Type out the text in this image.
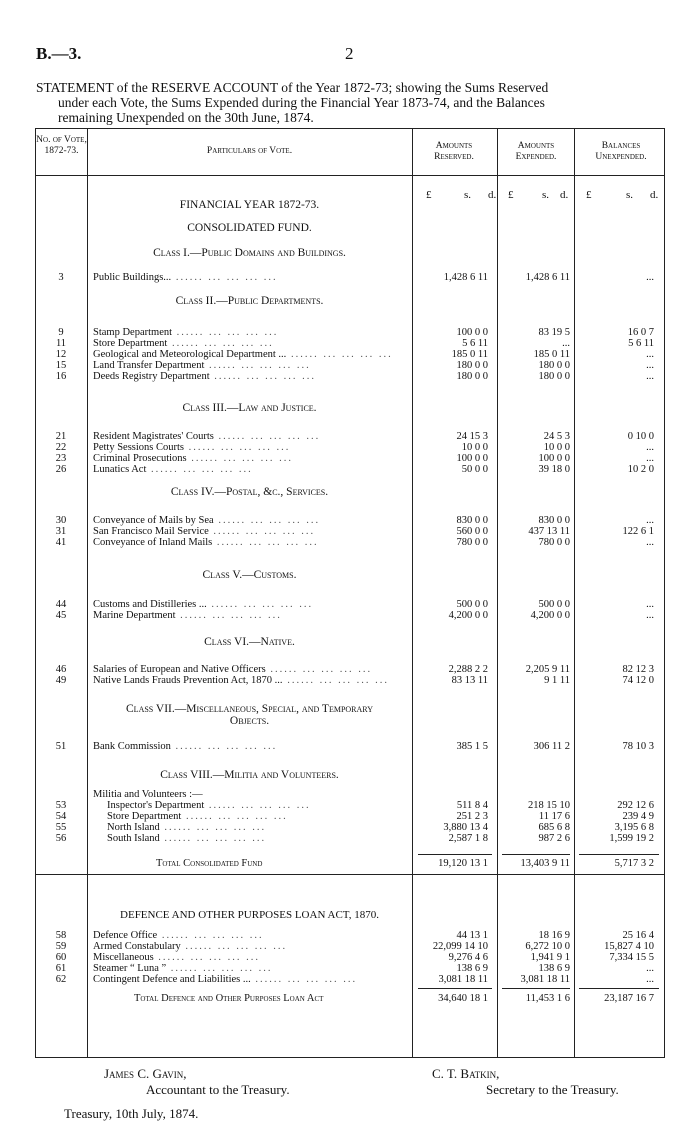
B.—3.	2
STATEMENT of the RESERVE ACCOUNT of the Year 1872-73; showing the Sums Reserved
under each Vote, the Sums Expended during the Financial Year 1873-74, and the Balances
remaining Unexpended on the 30th June, 1874.
No. of Vote, 1872-73.	Particulars of Vote.	Amounts Reserved.
Amounts Expended.
Balances Unexpended.
£	s. d. £	s. d. £	s. d.
FINANCIAL YEAR 1872-73.
CONSOLIDATED FUND.
Class I.—Public Domains and Buildings.
3	Public Buildings... ...... ... ... ... ...	1,428 6 11	1,428 6 11	...
Class II.—Public Departments.
9	Stamp Department ...... ... ... ... ...	100 0 0	83 19 5	16 0 7
11	Store Department ...... ... ... ... ...	5 6 11	...	5 6 11
12	Geological and Meteorological Department ... ...... ... ... ... ...	185 0 11	185 0 11	...
15	Land Transfer Department ...... ... ... ... ...	180 0 0	180 0 0	...
16	Deeds Registry Department ...... ... ... ... ...	180 0 0	180 0 0	...
Class III.—Law and Justice.
21	Resident Magistrates' Courts ...... ... ... ... ...	24 15 3	24 5 3	0 10 0
22	Petty Sessions Courts ...... ... ... ... ...	10 0 0	10 0 0	...
23	Criminal Prosecutions ...... ... ... ... ...	100 0 0	100 0 0	...
26	Lunatics Act ...... ... ... ... ...	50 0 0	39 18 0	10 2 0
Class IV.—Postal, &c., Services.
30	Conveyance of Mails by Sea ...... ... ... ... ...	830 0 0	830 0 0	...
31	San Francisco Mail Service ...... ... ... ... ...	560 0 0	437 13 11	122 6 1
41	Conveyance of Inland Mails ...... ... ... ... ...	780 0 0	780 0 0	...
Class V.—Customs.
44	Customs and Distilleries ... ...... ... ... ... ...	500 0 0	500 0 0	...
45	Marine Department ...... ... ... ... ...	4,200 0 0	4,200 0 0	...
Class VI.—Native.
46	Salaries of European and Native Officers ...... ... ... ... ...	2,288 2 2	2,205 9 11	82 12 3
49	Native Lands Frauds Prevention Act, 1870 ... ...... ... ... ... ...	83 13 11	9 1 11	74 12 0
Class VII.—Miscellaneous, Special, and Temporary
Objects.
51	Bank Commission ...... ... ... ... ...	385 1 5	306 11 2	78 10 3
Class VIII.—Militia and Volunteers.
Militia and Volunteers :—
53	Inspector's Department ...... ... ... ... ...	511 8 4	218 15 10	292 12 6
54	Store Department ...... ... ... ... ...	251 2 3	11 17 6	239 4 9
55	North Island ...... ... ... ... ...	3,880 13 4	685 6 8	3,195 6 8
56	South Island ...... ... ... ... ...	2,587 1 8	987 2 6	1,599 19 2
Total Consolidated Fund	19,120 13 1	13,403 9 11	5,717 3 2
DEFENCE AND OTHER PURPOSES LOAN ACT, 1870.
58	Defence Office ...... ... ... ... ...	44 13 1	18 16 9	25 16 4
59	Armed Constabulary ...... ... ... ... ...	22,099 14 10	6,272 10 0	15,827 4 10
60	Miscellaneous ...... ... ... ... ...	9,276 4 6	1,941 9 1	7,334 15 5
61	Steamer “ Luna ” ...... ... ... ... ...	138 6 9	138 6 9	...
62	Contingent Defence and Liabilities ... ...... ... ... ... ...	3,081 18 11	3,081 18 11	...
Total Defence and Other Purposes Loan Act	34,640 18 1	11,453 1 6	23,187 16 7
James C. Gavin,
Accountant to the Treasury.
C. T. Batkin,
Secretary to the Treasury.
Treasury, 10th July, 1874.
